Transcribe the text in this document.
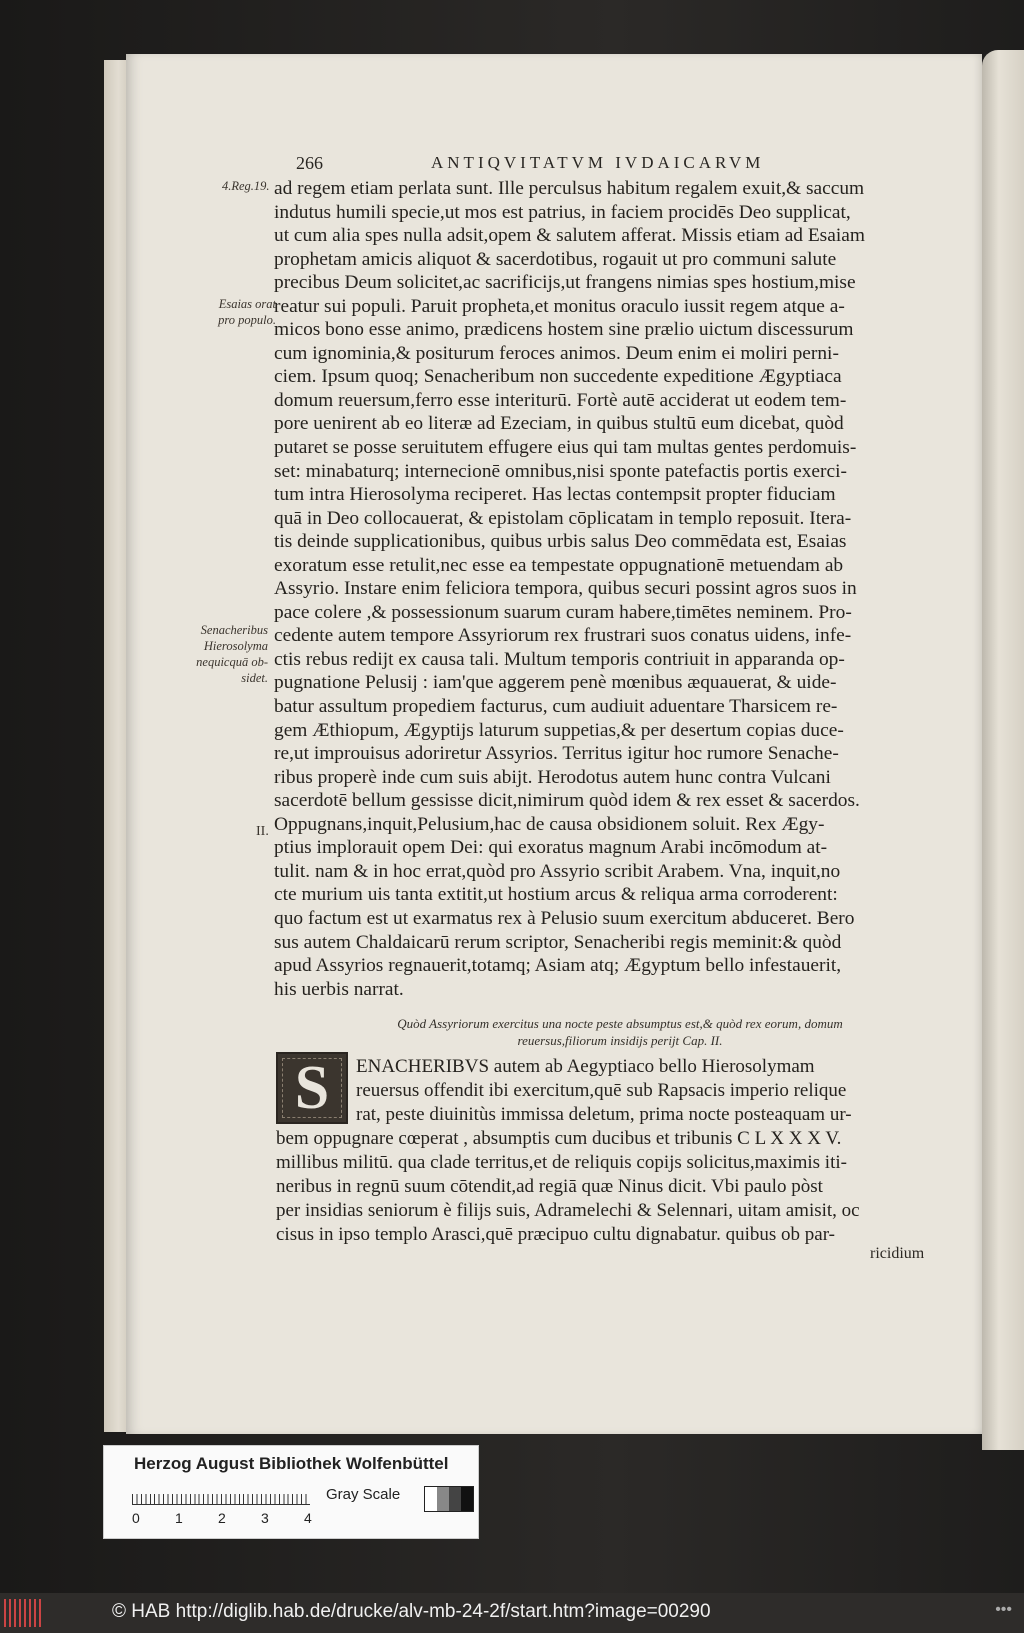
266	ANTIQVITATVM IVDAICARVM
4.Reg.19.
Esaias orat
pro populo.
Senacheribus
Hierosolyma
nequicquā ob-
sidet.
II.
ad regem etiam perlata sunt. Ille perculsus habitum regalem exuit,& saccum
indutus humili specie,ut mos est patrius, in faciem procidēs Deo supplicat,
ut cum alia spes nulla adsit,opem & salutem afferat. Missis etiam ad Esaiam
prophetam amicis aliquot & sacerdotibus, rogauit ut pro communi salute
precibus Deum solicitet,ac sacrificijs,ut frangens nimias spes hostium,mise
reatur sui populi. Paruit propheta,et monitus oraculo iussit regem atque a-
micos bono esse animo, prædicens hostem sine prælio uictum discessurum
cum ignominia,& positurum feroces animos. Deum enim ei moliri perni-
ciem. Ipsum quoq; Senacheribum non succedente expeditione Ægyptiaca
domum reuersum,ferro esse interiturū. Fortè autē acciderat ut eodem tem-
pore uenirent ab eo literæ ad Ezeciam, in quibus stultū eum dicebat, quòd
putaret se posse seruitutem effugere eius qui tam multas gentes perdomuis-
set: minabaturq; internecionē omnibus,nisi sponte patefactis portis exerci-
tum intra Hierosolyma reciperet. Has lectas contempsit propter fiduciam
quā in Deo collocauerat, & epistolam cōplicatam in templo reposuit. Itera-
tis deinde supplicationibus, quibus urbis salus Deo commēdata est, Esaias
exoratum esse retulit,nec esse ea tempestate oppugnationē metuendam ab
Assyrio. Instare enim feliciora tempora, quibus securi possint agros suos in
pace colere ,& possessionum suarum curam habere,timētes neminem. Pro-
cedente autem tempore Assyriorum rex frustrari suos conatus uidens, infe-
ctis rebus redijt ex causa tali. Multum temporis contriuit in apparanda op-
pugnatione Pelusij : iam'que aggerem penè mœnibus æquauerat, & uide-
batur assultum propediem facturus, cum audiuit aduentare Tharsicem re-
gem Æthiopum, Ægyptijs laturum suppetias,& per desertum copias duce-
re,ut improuisus adoriretur Assyrios. Territus igitur hoc rumore Senache-
ribus properè inde cum suis abijt. Herodotus autem hunc contra Vulcani
sacerdotē bellum gessisse dicit,nimirum quòd idem & rex esset & sacerdos.
Oppugnans,inquit,Pelusium,hac de causa obsidionem soluit. Rex Ægy-
ptius implorauit opem Dei: qui exoratus magnum Arabi incōmodum at-
tulit. nam & in hoc errat,quòd pro Assyrio scribit Arabem. Vna, inquit,no
cte murium uis tanta extitit,ut hostium arcus & reliqua arma corroderent:
quo factum est ut exarmatus rex à Pelusio suum exercitum abduceret. Bero
sus autem Chaldaicarū rerum scriptor, Senacheribi regis meminit:& quòd
apud Assyrios regnauerit,totamq; Asiam atq; Ægyptum bello infestauerit,
his uerbis narrat.
Quòd Assyriorum exercitus una nocte peste absumptus est,& quòd rex eorum, domum
reuersus,filiorum insidijs perijt Cap. II.
S	ENACHERIBVS autem ab Aegyptiaco bello Hierosolymam
reuersus offendit ibi exercitum,quē sub Rapsacis imperio relique
rat, peste diuinitùs immissa deletum, prima nocte posteaquam ur-
bem oppugnare cœperat , absumptis cum ducibus et tribunis C L X X X V.
millibus militū. qua clade territus,et de reliquis copijs solicitus,maximis iti-
neribus in regnū suum cōtendit,ad regiā quæ Ninus dicit. Vbi paulo pòst
per insidias seniorum è filijs suis, Adramelechi & Selennari, uitam amisit, oc
cisus in ipso templo Arasci,quē præcipuo cultu dignabatur. quibus ob par-
ricidium
Herzog August Bibliothek Wolfenbüttel
0	1	2	3	4
Gray Scale
© HAB http://diglib.hab.de/drucke/alv-mb-24-2f/start.htm?image=00290	•••
